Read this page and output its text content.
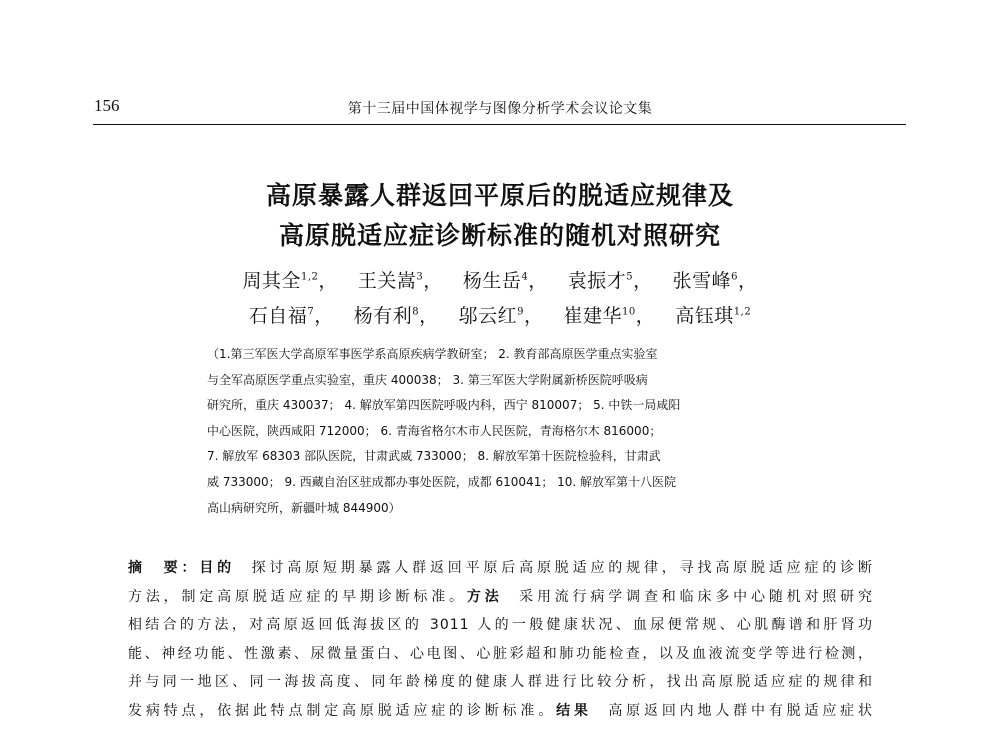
156	第十三届中国体视学与图像分析学术会议论文集
高原暴露人群返回平原后的脱适应规律及
高原脱适应症诊断标准的随机对照研究
周其全$^{1,2}$， 王关嵩$^3$， 杨生岳$^4$， 袁振才$^5$， 张雪峰$^6$，
石自福$^7$， 杨有利$^8$， 邬云红$^9$， 崔建华$^{10}$， 高钰琪$^{1,2}$
（1.第三军医大学高原军事医学系高原疾病学教研室； 2. 教育部高原医学重点实验室
与全军高原医学重点实验室，重庆 400038； 3. 第三军医大学附属新桥医院呼吸病
研究所，重庆 430037； 4. 解放军第四医院呼吸内科，西宁 810007； 5. 中铁一局咸阳
中心医院，陕西咸阳 712000； 6. 青海省格尔木市人民医院，青海格尔木 816000；
7. 解放军 68303 部队医院，甘肃武威 733000； 8. 解放军第十医院检验科，甘肃武
威 733000； 9. 西藏自治区驻成都办事处医院，成都 610041； 10. 解放军第十八医院
高山病研究所，新疆叶城 844900）
摘　要：目的 探讨高原短期暴露人群返回平原后高原脱适应的规律，寻找高原脱适应症的诊断
方法，制定高原脱适应症的早期诊断标准。方法 采用流行病学调查和临床多中心随机对照研究
相结合的方法，对高原返回低海拔区的 3011 人的一般健康状况、血尿便常规、心肌酶谱和肝肾功
能、神经功能、性激素、尿微量蛋白、心电图、心脏彩超和肺功能检查，以及血液流变学等进行检测，
并与同一地区、同一海拔高度、同年龄梯度的健康人群进行比较分析，找出高原脱适应症的规律和
发病特点，依据此特点制定高原脱适应症的诊断标准。结果 高原返回内地人群中有脱适应症状
